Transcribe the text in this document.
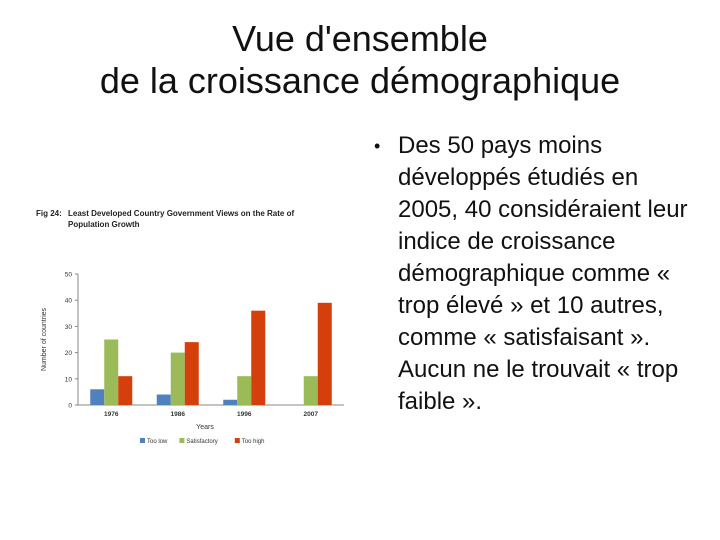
Vue d'ensemble
de la croissance démographique
Fig 24: Least Developed Country Government Views on the Rate of Population Growth
0
10
20
30
40
50
Number of countries
1976	1986	1996	2007
Years
Too low	Satisfactory	Too high
• Des 50 pays moins développés étudiés en 2005, 40 considéraient leur indice de croissance démographique comme « trop élevé » et 10 autres, comme « satisfaisant ». Aucun ne le trouvait « trop faible ».
